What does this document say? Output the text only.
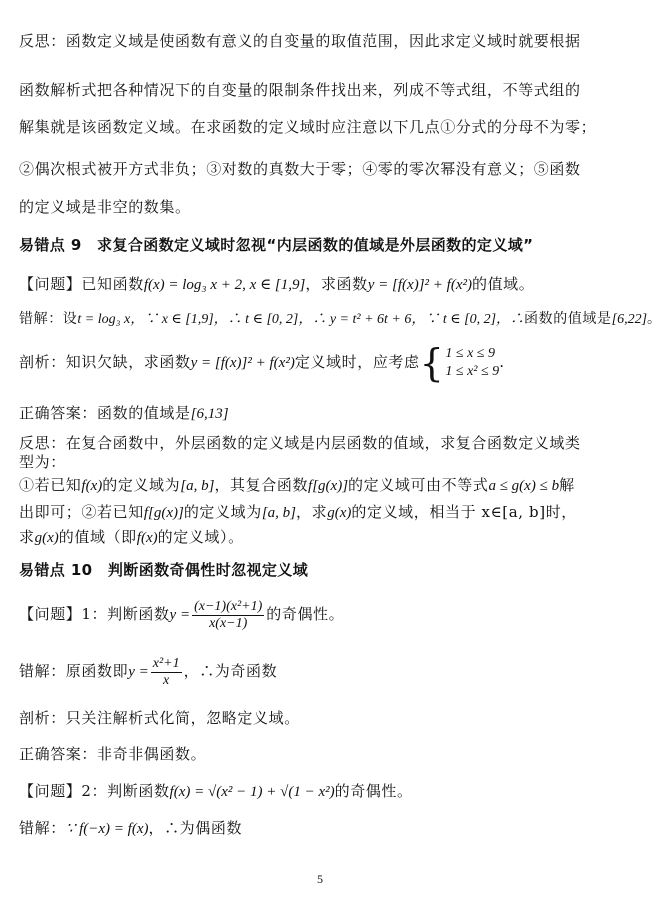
反思：函数定义域是使函数有意义的自变量的取值范围，因此求定义域时就要根据
函数解析式把各种情况下的自变量的限制条件找出来，列成不等式组，不等式组的
解集就是该函数定义域。在求函数的定义域时应注意以下几点①分式的分母不为零；
②偶次根式被开方式非负；③对数的真数大于零；④零的零次幂没有意义；⑤函数
的定义域是非空的数集。
易错点 9　求复合函数定义域时忽视“内层函数的值域是外层函数的定义域”
【问题】已知函数f(x) = log₃ x + 2, x ∈ [1,9]，求函数y = [f(x)]² + f(x²)的值域。
错解：设t = log₃ x，∵ x ∈ [1,9]，∴ t ∈ [0, 2]，∴ y = t² + 6t + 6，∵ t ∈ [0, 2]，∴函数的值域是[6,22]。
剖析：知识欠缺，求函数y = [f(x)]² + f(x²)定义域时，应考虑{ 1 ≤ x ≤ 9
1 ≤ x² ≤ 9
.
正确答案：函数的值域是[6,13]
反思：在复合函数中，外层函数的定义域是内层函数的值域，求复合函数定义域类
型为：
①若已知f(x)的定义域为[a, b]，其复合函数f[g(x)]的定义域可由不等式a ≤ g(x) ≤ b解
出即可；②若已知f[g(x)]的定义域为[a, b]，求g(x)的定义域，相当于 x∈[a, b]时，
求g(x)的值域（即f(x)的定义域）。
易错点 10　判断函数奇偶性时忽视定义域
【问题】1：判断函数$y = \frac{\text{(x−1)(x²+1)}}{x(x-1)}$ 的奇偶性。
错解：原函数即$y = \frac{\text{x²+1}}{x}$ ，∴为奇函数
剖析：只关注解析式化简，忽略定义域。
正确答案：非奇非偶函数。
【问题】2：判断函数f(x) = √(x² − 1) + √(1 − x²)的奇偶性。
错解：∵ f(−x) = f(x)，∴为偶函数
5
